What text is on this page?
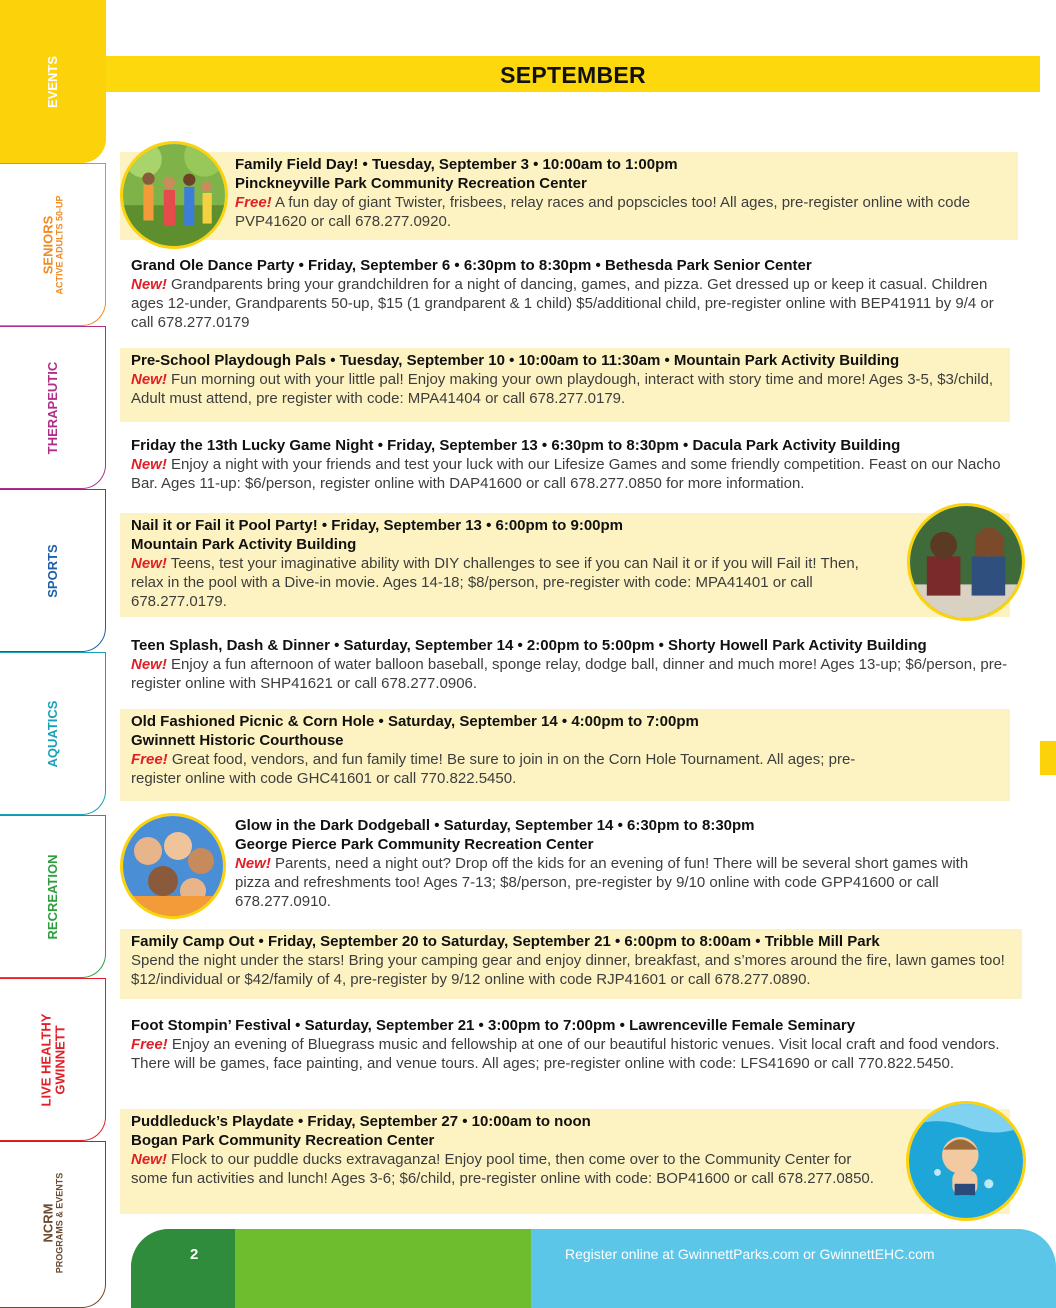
EVENTS
SENIORS
ACTIVE ADULTS 50-UP
THERAPEUTIC
SPORTS
AQUATICS
RECREATION
LIVE HEALTHY
GWINNETT
NCRM
PROGRAMS & EVENTS
SEPTEMBER
Family Field Day! • Tuesday, September 3 • 10:00am to 1:00pm
Pinckneyville Park Community Recreation Center
Free! A fun day of giant Twister, frisbees, relay races and popscicles too! All ages, pre-register online with code PVP41620 or call 678.277.0920.
Grand Ole Dance Party • Friday, September 6 • 6:30pm to 8:30pm • Bethesda Park Senior Center
New! Grandparents bring your grandchildren for a night of dancing, games, and pizza. Get dressed up or keep it casual. Children ages 12-under, Grandparents 50-up, $15 (1 grandparent & 1 child) $5/additional child, pre-register online with BEP41911 by 9/4 or call 678.277.0179
Pre-School Playdough Pals • Tuesday, September 10 • 10:00am to 11:30am • Mountain Park Activity Building
New! Fun morning out with your little pal! Enjoy making your own playdough, interact with story time and more! Ages 3-5, $3/child, Adult must attend, pre register with code: MPA41404 or call 678.277.0179.
Friday the 13th Lucky Game Night • Friday, September 13 • 6:30pm to 8:30pm • Dacula Park Activity Building
New! Enjoy a night with your friends and test your luck with our Lifesize Games and some friendly competition. Feast on our Nacho Bar. Ages 11-up: $6/person, register online with DAP41600 or call 678.277.0850 for more information.
Nail it or Fail it Pool Party! • Friday, September 13 • 6:00pm to 9:00pm
Mountain Park Activity Building
New! Teens, test your imaginative ability with DIY challenges to see if you can Nail it or if you will Fail it! Then, relax in the pool with a Dive-in movie. Ages 14-18; $8/person, pre-register with code: MPA41401 or call 678.277.0179.
Teen Splash, Dash & Dinner • Saturday, September 14 • 2:00pm to 5:00pm • Shorty Howell Park Activity Building
New! Enjoy a fun afternoon of water balloon baseball, sponge relay, dodge ball, dinner and much more! Ages 13-up; $6/person, pre-register online with SHP41621 or call 678.277.0906.
Old Fashioned Picnic & Corn Hole • Saturday, September 14 • 4:00pm to 7:00pm
Gwinnett Historic Courthouse
Free! Great food, vendors, and fun family time! Be sure to join in on the Corn Hole Tournament. All ages; pre-register online with code GHC41601 or call 770.822.5450.
Glow in the Dark Dodgeball • Saturday, September 14 • 6:30pm to 8:30pm
George Pierce Park Community Recreation Center
New! Parents, need a night out? Drop off the kids for an evening of fun! There will be several short games with pizza and refreshments too! Ages 7-13; $8/person, pre-register by 9/10 online with code GPP41600 or call 678.277.0910.
Family Camp Out • Friday, September 20 to Saturday, September 21 • 6:00pm to 8:00am • Tribble Mill Park
Spend the night under the stars! Bring your camping gear and enjoy dinner, breakfast, and s’mores around the fire, lawn games too! $12/individual or $42/family of 4, pre-register by 9/12 online with code RJP41601 or call 678.277.0890.
Foot Stompin’ Festival • Saturday, September 21 • 3:00pm to 7:00pm • Lawrenceville Female Seminary
Free! Enjoy an evening of Bluegrass music and fellowship at one of our beautiful historic venues. Visit local craft and food vendors. There will be games, face painting, and venue tours. All ages; pre-register online with code: LFS41690 or call 770.822.5450.
Puddleduck’s Playdate • Friday, September 27 • 10:00am to noon
Bogan Park Community Recreation Center
New! Flock to our puddle ducks extravaganza! Enjoy pool time, then come over to the Community Center for some fun activities and lunch! Ages 3-6; $6/child, pre-register online with code: BOP41600 or call 678.277.0850.
2	Register online at GwinnettParks.com or GwinnettEHC.com
